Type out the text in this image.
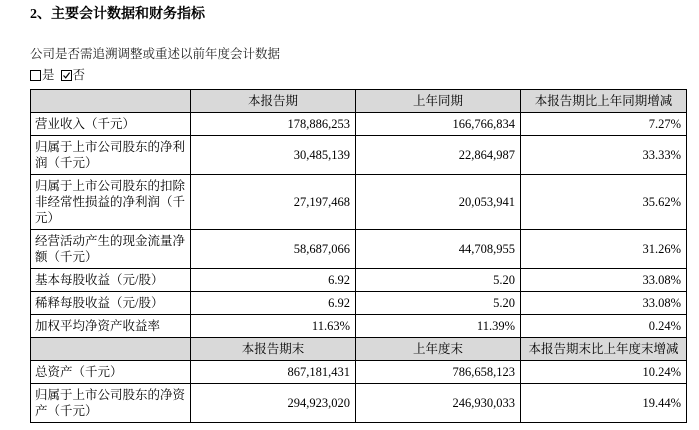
2、主要会计数据和财务指标
公司是否需追溯调整或重述以前年度会计数据
是 否
	本报告期	上年同期	本报告期比上年同期增减
营业收入（千元）	178,886,253	166,766,834	7.27%
归属于上市公司股东的净利润（千元）	30,485,139	22,864,987	33.33%
归属于上市公司股东的扣除非经常性损益的净利润（千元）	27,197,468	20,053,941	35.62%
经营活动产生的现金流量净额（千元）	58,687,066	44,708,955	31.26%
基本每股收益（元/股）	6.92	5.20	33.08%
稀释每股收益（元/股）	6.92	5.20	33.08%
加权平均净资产收益率	11.63%	11.39%	0.24%
	本报告期末	上年度末	本报告期末比上年度末增减
总资产（千元）	867,181,431	786,658,123	10.24%
归属于上市公司股东的净资产（千元）	294,923,020	246,930,033	19.44%
